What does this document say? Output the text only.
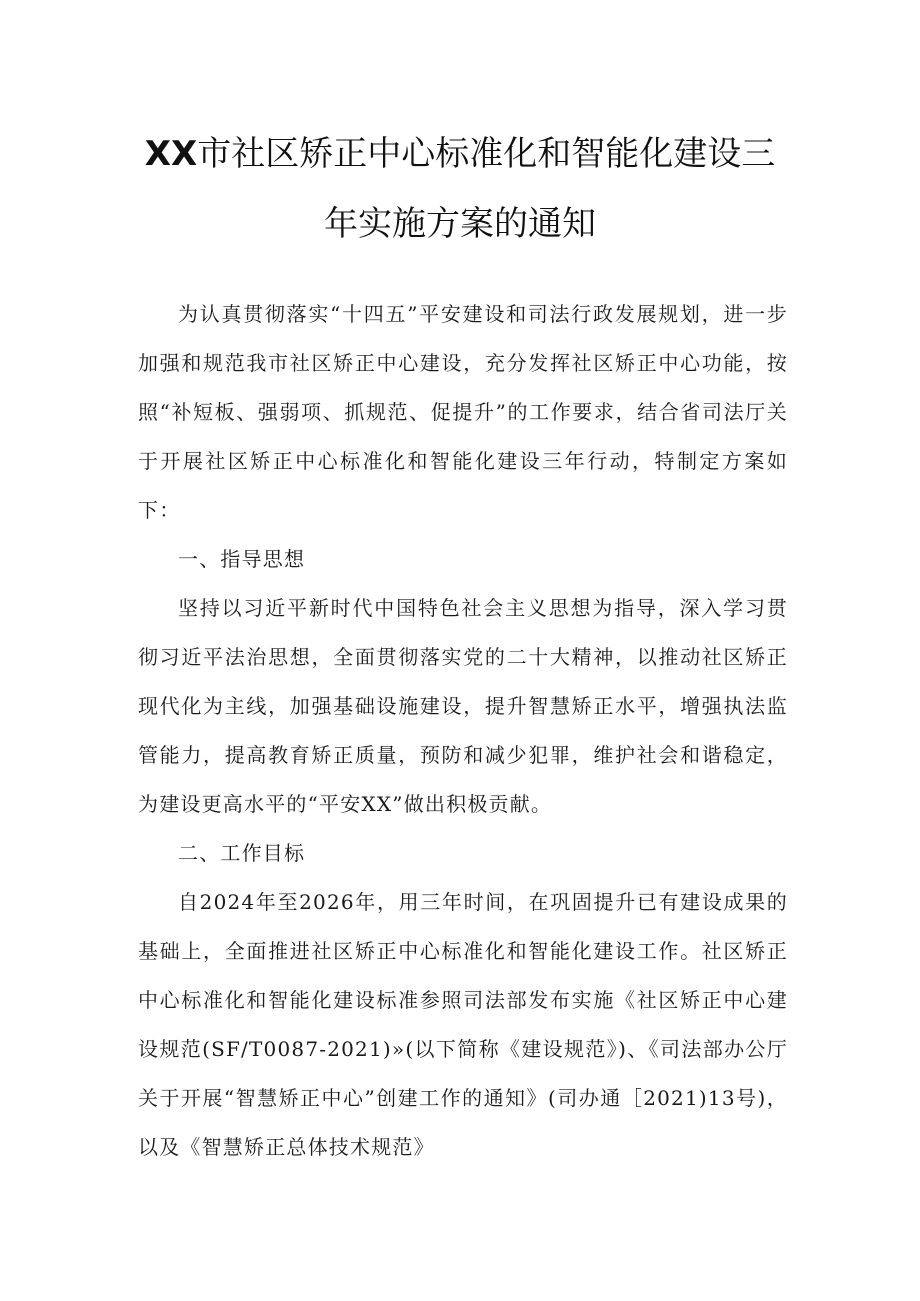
XX市社区矫正中心标准化和智能化建设三
年实施方案的通知

为认真贯彻落实“十四五”平安建设和司法行政发展规划，进一步加强和规范我市社区矫正中心建设，充分发挥社区矫正中心功能，按照“补短板、强弱项、抓规范、促提升”的工作要求，结合省司法厅关于开展社区矫正中心标准化和智能化建设三年行动，特制定方案如下：

一、指导思想

坚持以习近平新时代中国特色社会主义思想为指导，深入学习贯彻习近平法治思想，全面贯彻落实党的二十大精神，以推动社区矫正现代化为主线，加强基础设施建设，提升智慧矫正水平，增强执法监管能力，提高教育矫正质量，预防和减少犯罪，维护社会和谐稳定，为建设更高水平的“平安XX”做出积极贡献。

二、工作目标

自2024年至2026年，用三年时间，在巩固提升已有建设成果的基础上，全面推进社区矫正中心标准化和智能化建设工作。社区矫正中心标准化和智能化建设标准参照司法部发布实施《社区矫正中心建设规范(SF/T0087-2021)»(以下简称《建设规范》)、《司法部办公厅关于开展“智慧矫正中心”创建工作的通知》(司办通［2021)13号)，以及《智慧矫正总体技术规范》
